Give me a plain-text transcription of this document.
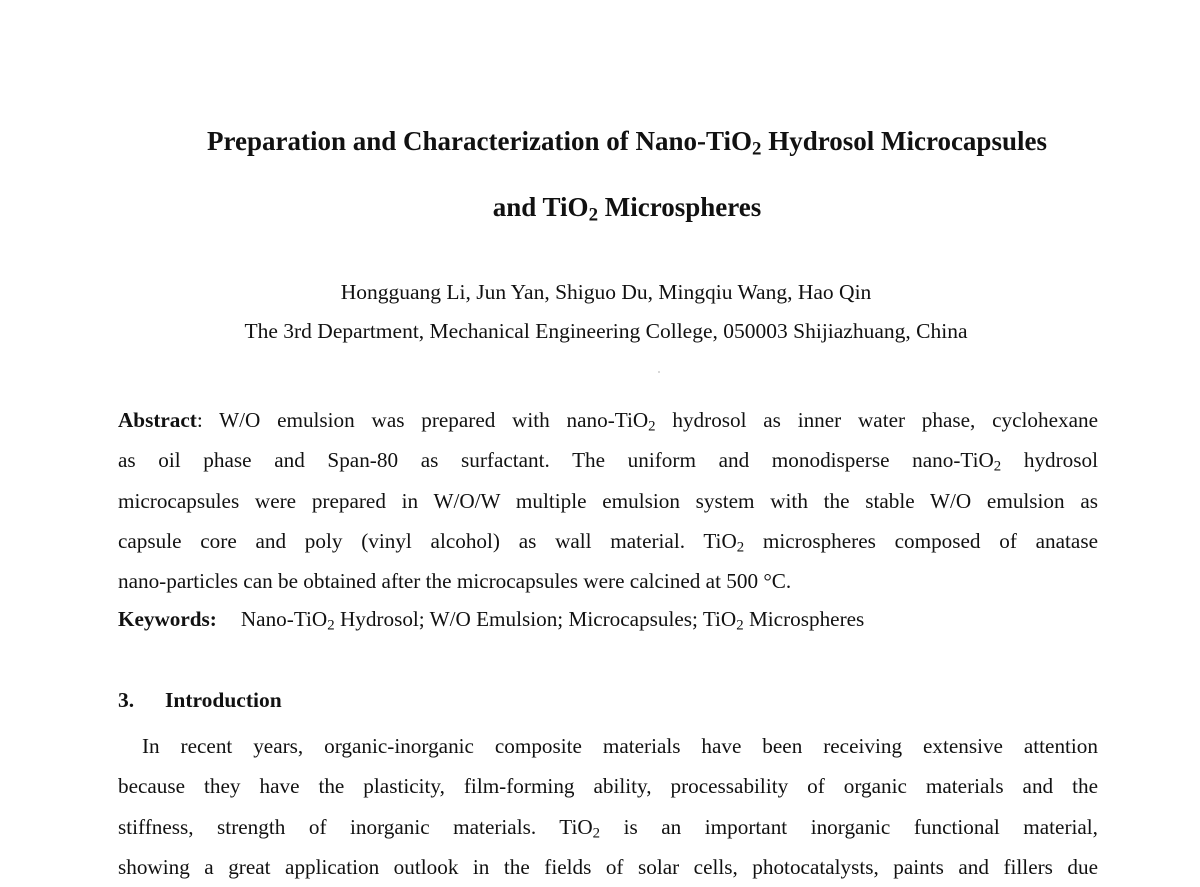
Preparation and Characterization of Nano-TiO$_2$ Hydrosol Microcapsules
and TiO$_2$ Microspheres
Hongguang Li, Jun Yan, Shiguo Du, Mingqiu Wang, Hao Qin
The 3rd Department, Mechanical Engineering College, 050003 Shijiazhuang, China
Abstract: W/O emulsion was prepared with nano-TiO$_2$ hydrosol as inner water phase, cyclohexane
as oil phase and Span-80 as surfactant. The uniform and monodisperse nano-TiO$_2$ hydrosol
microcapsules were prepared in W/O/W multiple emulsion system with the stable W/O emulsion as
capsule core and poly (vinyl alcohol) as wall material. TiO$_2$ microspheres composed of anatase
nano-particles can be obtained after the microcapsules were calcined at 500 °C.
Keywords: Nano-TiO$_2$ Hydrosol; W/O Emulsion; Microcapsules; TiO$_2$ Microspheres
3. Introduction
In recent years, organic-inorganic composite materials have been receiving extensive attention
because they have the plasticity, film-forming ability, processability of organic materials and the
stiffness, strength of inorganic materials. TiO$_2$ is an important inorganic functional material,
showing a great application outlook in the fields of solar cells, photocatalysts, paints and fillers due
